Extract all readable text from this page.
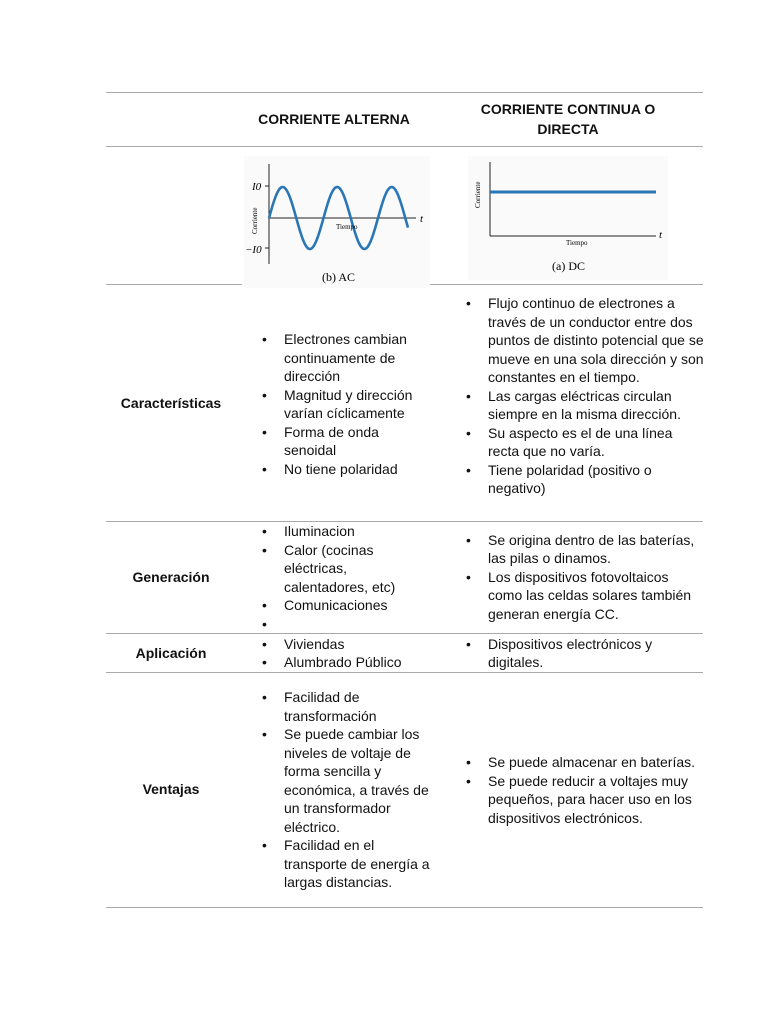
CORRIENTE ALTERNA
CORRIENTE CONTINUA O DIRECTA
I0
−I0
Corriente	Tiempo
t
(b) AC
Corriente
Tiempo
t
(a) DC
Características
• Electrones cambian continuamente de dirección
• Magnitud y dirección varían cíclicamente
• Forma de onda senoidal
• No tiene polaridad
• Flujo continuo de electrones a través de un conductor entre dos puntos de distinto potencial que se mueve en una sola dirección y son constantes en el tiempo.
• Las cargas eléctricas circulan siempre en la misma dirección.
• Su aspecto es el de una línea recta que no varía.
• Tiene polaridad (positivo o negativo)
Generación
• Iluminacion
• Calor (cocinas eléctricas, calentadores, etc)
• Comunicaciones
•
• Se origina dentro de las baterías, las pilas o dinamos.
• Los dispositivos fotovoltaicos como las celdas solares también generan energía CC.
Aplicación
• Viviendas
• Alumbrado Público
• Dispositivos electrónicos y digitales.
Ventajas
• Facilidad de transformación
• Se puede cambiar los niveles de voltaje de forma sencilla y económica, a través de un transformador eléctrico.
• Facilidad en el transporte de energía a largas distancias.
• Se puede almacenar en baterías.
• Se puede reducir a voltajes muy pequeños, para hacer uso en los dispositivos electrónicos.
